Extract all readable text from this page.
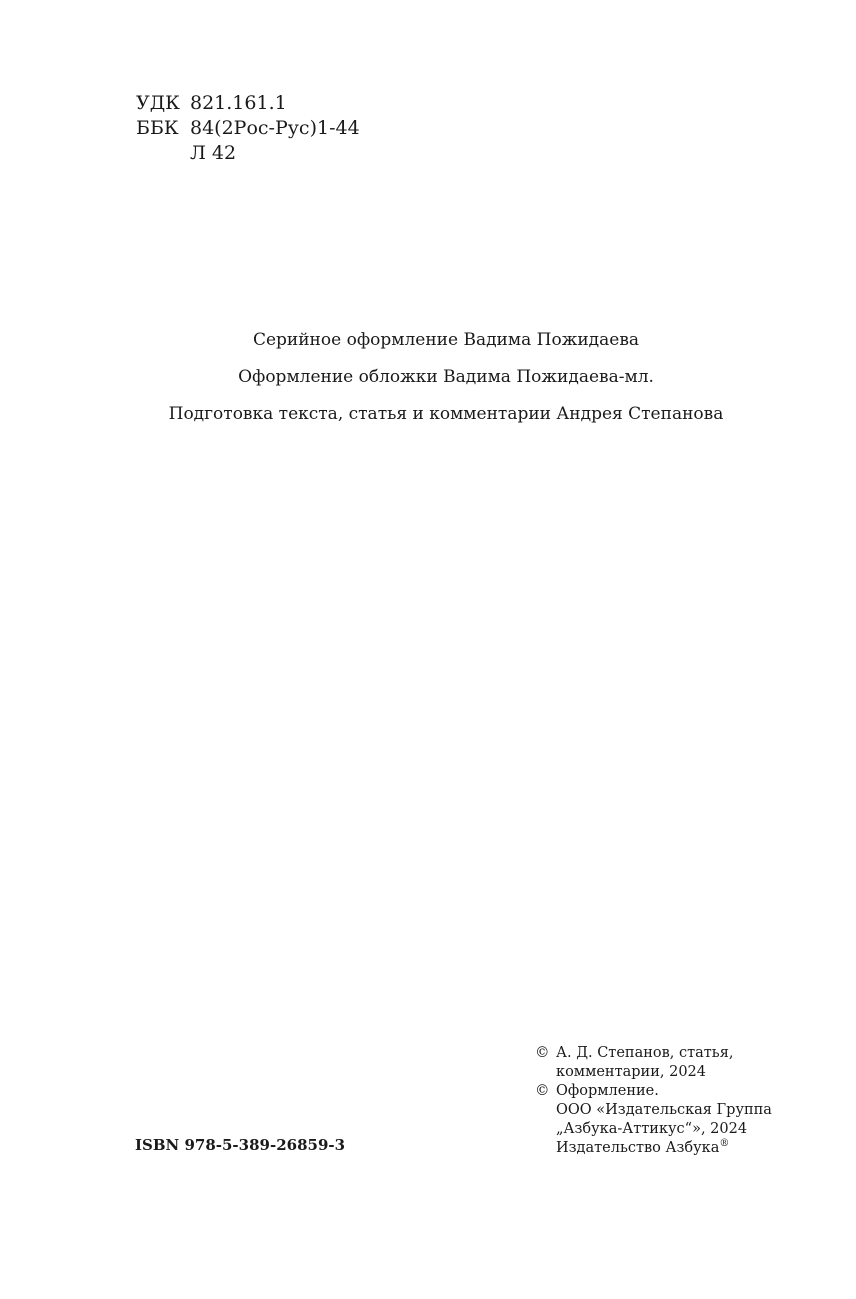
УДК 821.161.1
ББК 84(2Рос-Рус)1-44
Л 42
Серийное оформление Вадима Пожидаева
Оформление обложки Вадима Пожидаева-мл.
Подготовка текста, статья и комментарии Андрея Степанова
ISBN 978-5-389-26859-3
© А. Д. Степанов, статья,
комментарии, 2024
© Оформление.
ООО «Издательская Группа
„Азбука-Аттикус“», 2024
Издательство Азбука®
